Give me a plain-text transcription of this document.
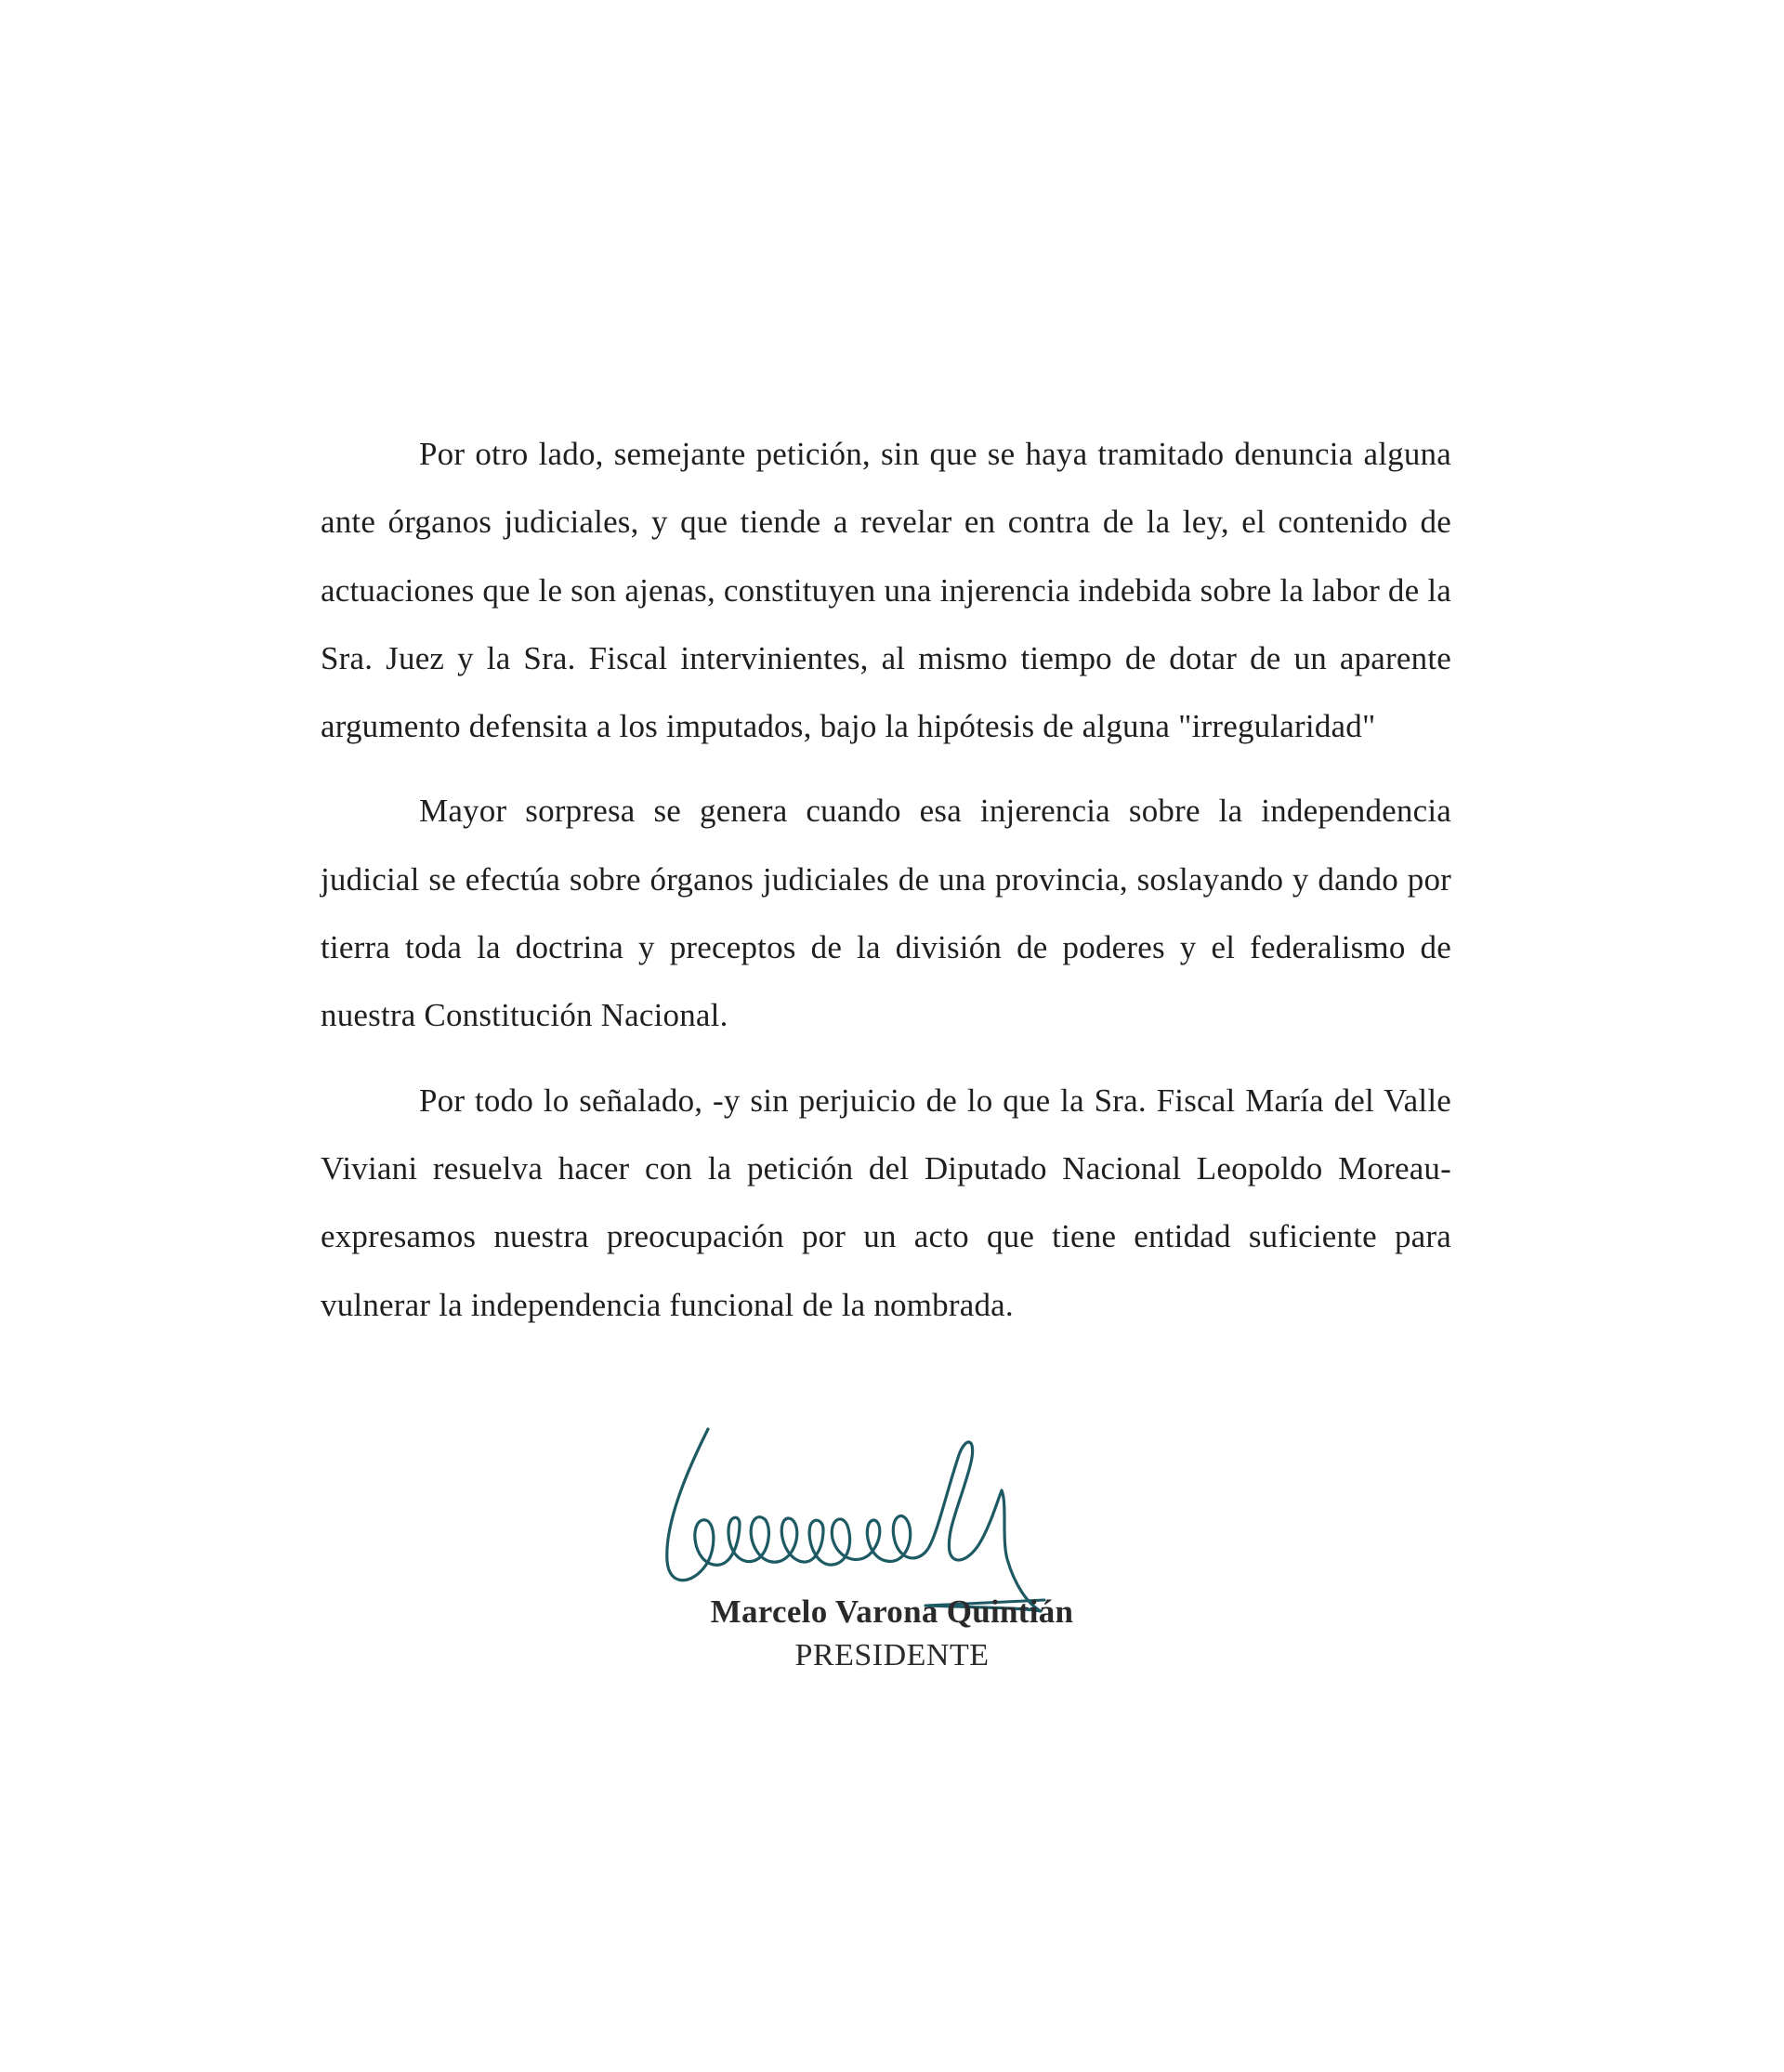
Por otro lado, semejante petición, sin que se haya tramitado denuncia alguna ante órganos judiciales, y que tiende a revelar en contra de la ley, el contenido de actuaciones que le son ajenas, constituyen una injerencia indebida sobre la labor de la Sra. Juez y la Sra. Fiscal intervinientes, al mismo tiempo de dotar de un aparente argumento defensita a los imputados, bajo la hipótesis de alguna "irregularidad"

Mayor sorpresa se genera cuando esa injerencia sobre la independencia judicial se efectúa sobre órganos judiciales de una provincia, soslayando y dando por tierra toda la doctrina y preceptos de la división de poderes y el federalismo de nuestra Constitución Nacional.

Por todo lo señalado, -y sin perjuicio de lo que la Sra. Fiscal María del Valle Viviani resuelva hacer con la petición del Diputado Nacional Leopoldo Moreau- expresamos nuestra preocupación por un acto que tiene entidad suficiente para vulnerar la independencia funcional de la nombrada.

Marcelo Varona Quintián
PRESIDENTE
